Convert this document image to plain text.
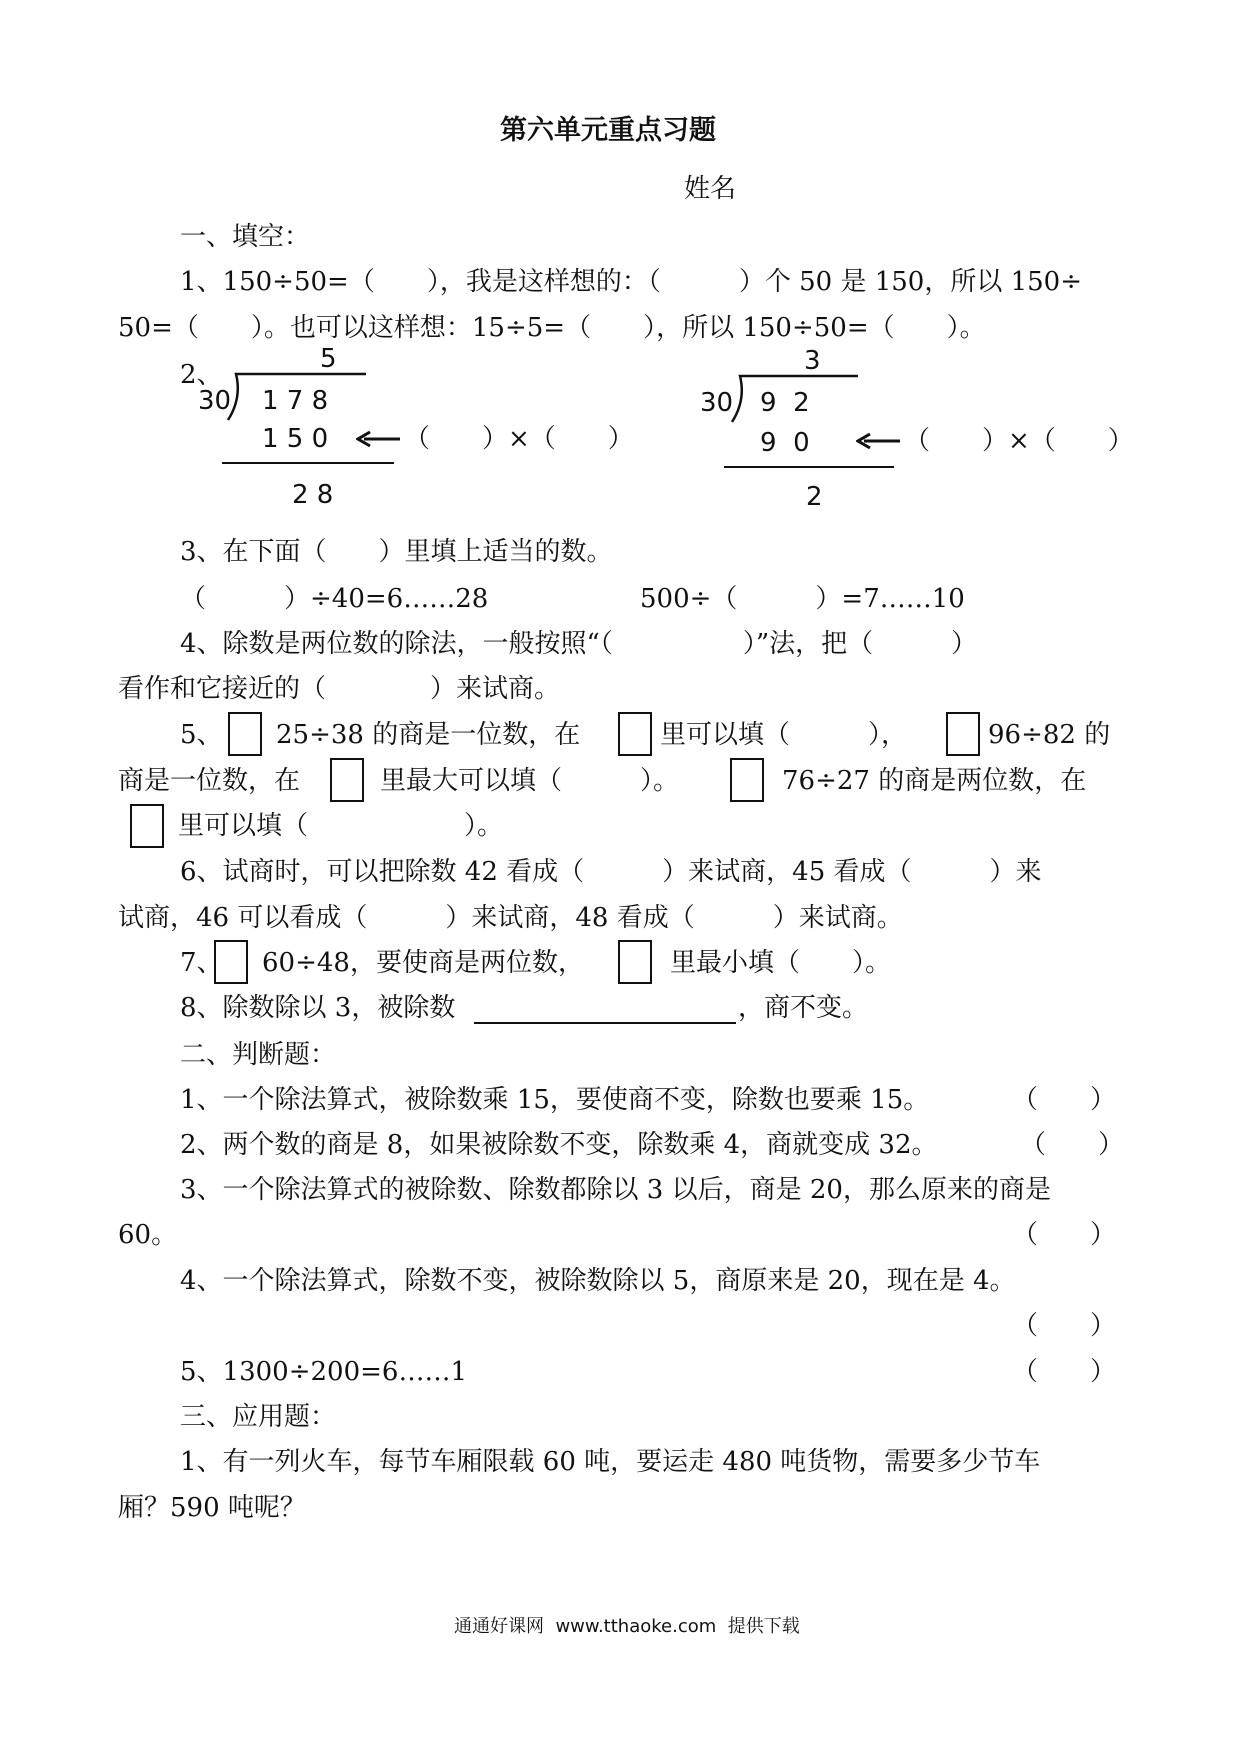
第六单元重点习题
姓名
一、填空：
1、150÷50=（　　），我是这样想的：（　　　）个 50 是 150，所以 150÷
50=（　　）。也可以这样想：15÷5=（　　），所以 150÷50=（　　）。
2、
5
30 1 7 8
1 5 0	（　　）×（　　）
2 8
3
30 9  2
9  0	（　　）×（　　）
2
3、在下面（　　）里填上适当的数。
（　　　）÷40=6……28	500÷（　　　）=7……10
4、除数是两位数的除法，一般按照“（　　　　　）”法，把（　　　）
看作和它接近的（　　　　）来试商。
5、 25÷38 的商是一位数，在	里可以填（　　　），	96÷82 的
商是一位数，在	里最大可以填（　　　）。	76÷27 的商是两位数，在
里可以填（　　　　　　）。
6、试商时，可以把除数 42 看成（　　　）来试商，45 看成（　　　）来
试商，46 可以看成（　　　）来试商，48 看成（　　　）来试商。
7、 60÷48，要使商是两位数，	里最小填（　　）。
8、除数除以 3，被除数	，商不变。
二、判断题：
1、一个除法算式，被除数乘 15，要使商不变，除数也要乘 15。	（　　）
2、两个数的商是 8，如果被除数不变，除数乘 4，商就变成 32。	（　　）
3、一个除法算式的被除数、除数都除以 3 以后，商是 20，那么原来的商是
60。	（　　）
4、一个除法算式，除数不变，被除数除以 5，商原来是 20，现在是 4。
（　　）
5、1300÷200=6……1	（　　）
三、应用题：
1、有一列火车，每节车厢限载 60 吨，要运走 480 吨货物，需要多少节车
厢？590 吨呢？
通通好课网  www.tthaoke.com  提供下载
